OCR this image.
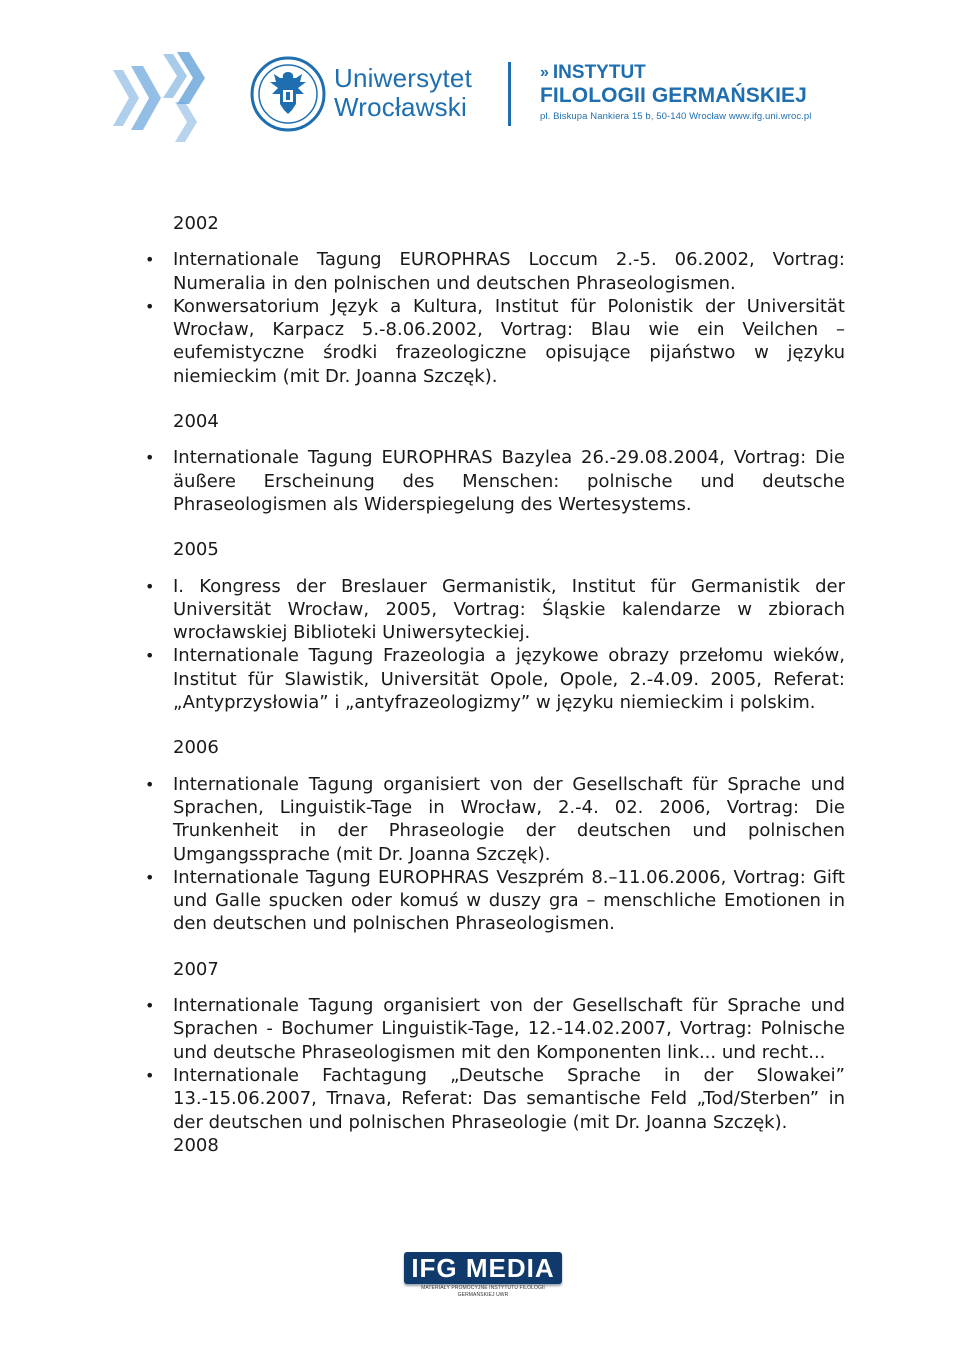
Uniwersytet
Wrocławski
» INSTYTUT
FILOLOGII GERMAŃSKIEJ
pl. Biskupa Nankiera 15 b, 50-140 Wrocław www.ifg.uni.wroc.pl

2002

• Internationale Tagung EUROPHRAS Loccum 2.-5. 06.2002, Vortrag: Numeralia in den polnischen und deutschen Phraseologismen.
• Konwersatorium Język a Kultura, Institut für Polonistik der Universität Wrocław, Karpacz 5.-8.06.2002, Vortrag: Blau wie ein Veilchen – eufemistyczne środki frazeologiczne opisujące pijaństwo w języku niemieckim (mit Dr. Joanna Szczęk).

2004

• Internationale Tagung EUROPHRAS Bazylea 26.-29.08.2004, Vortrag: Die äußere Erscheinung des Menschen: polnische und deutsche Phraseologismen als Widerspiegelung des Wertesystems.

2005

• I. Kongress der Breslauer Germanistik, Institut für Germanistik der Universität Wrocław, 2005, Vortrag: Śląskie kalendarze w zbiorach wrocławskiej Biblioteki Uniwersyteckiej.
• Internationale Tagung Frazeologia a językowe obrazy przełomu wieków, Institut für Slawistik, Universität Opole, Opole, 2.-4.09. 2005, Referat: „Antyprzysłowia” i „antyfrazeologizmy” w języku niemieckim i polskim.

2006

• Internationale Tagung organisiert von der Gesellschaft für Sprache und Sprachen, Linguistik-Tage in Wrocław, 2.-4. 02. 2006, Vortrag: Die Trunkenheit in der Phraseologie der deutschen und polnischen Umgangssprache (mit Dr. Joanna Szczęk).
• Internationale Tagung EUROPHRAS Veszprém 8.–11.06.2006, Vortrag: Gift und Galle spucken oder komuś w duszy gra – menschliche Emotionen in den deutschen und polnischen Phraseologismen.

2007

• Internationale Tagung organisiert von der Gesellschaft für Sprache und Sprachen - Bochumer Linguistik-Tage, 12.-14.02.2007, Vortrag: Polnische und deutsche Phraseologismen mit den Komponenten link... und recht...
• Internationale Fachtagung „Deutsche Sprache in der Slowakei” 13.-15.06.2007, Trnava, Referat: Das semantische Feld „Tod/Sterben” in der deutschen und polnischen Phraseologie (mit Dr. Joanna Szczęk).

2008

IFG MEDIA
MATERIAŁY PROMOCYJNE INSTYTUTU FILOLOGII GERMAŃSKIEJ UWR
